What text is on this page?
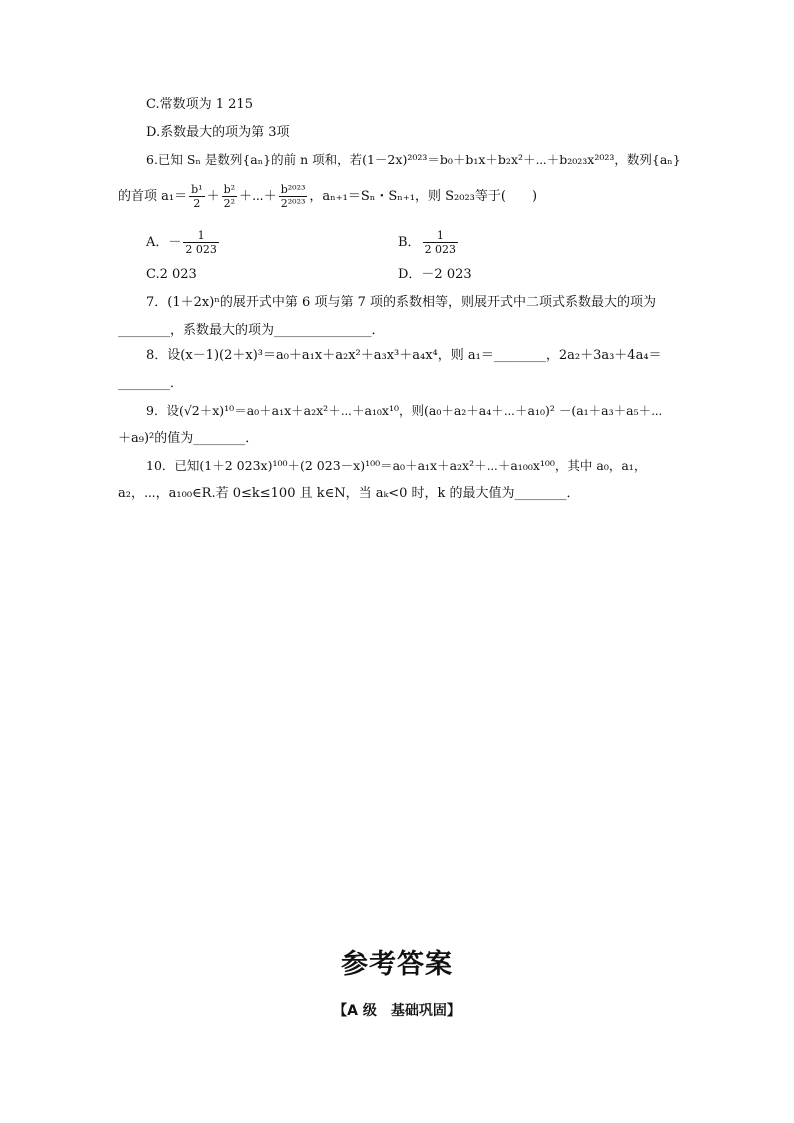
C.常数项为 1 215
D.系数最大的项为第 3项
6.已知 Sₙ 是数列{aₙ}的前 n 项和，若(1－2x)²⁰²³＝b₀＋b₁x＋b₂x²＋⋯＋b₂₀₂₃x²⁰²³，数列{aₙ}
的首项 $a_1= \frac{\text{b¹}}{2} + \frac{\text{b²}}{\text{2²}}$ ＋⋯＋ $\frac{\text{b²⁰²³}}{\text{2²⁰²³}}$ ，aₙ₊₁＝Sₙ・Sₙ₊₁，则 S₂₀₂₃等于(　　)
A．－ $\frac{1}{2 023}$	B． $\frac{1}{2 023}$
C.2 023	D．－2 023
7．(1＋2x)ⁿ的展开式中第 6 项与第 7 项的系数相等，则展开式中二项式系数最大的项为
________，系数最大的项为_______________．
8．设(x－1)(2＋x)³＝a₀＋a₁x＋a₂x²＋a₃x³＋a₄x⁴，则 a₁＝________，2a₂＋3a₃＋4a₄＝
________．
9．设(√2＋x)¹⁰＝a₀＋a₁x＋a₂x²＋⋯＋a₁₀x¹⁰，则(a₀＋a₂＋a₄＋⋯＋a₁₀)² －(a₁＋a₃＋a₅＋⋯
＋a₉)²的值为________．
10．已知(1＋2 023x)¹⁰⁰＋(2 023－x)¹⁰⁰＝a₀＋a₁x＋a₂x²＋⋯＋a₁₀₀x¹⁰⁰，其中 a₀，a₁，
a₂，⋯，a₁₀₀∈R.若 0≤k≤100 且 k∈N，当 aₖ<0 时，k 的最大值为________．
参考答案
【A 级　基础巩固】
